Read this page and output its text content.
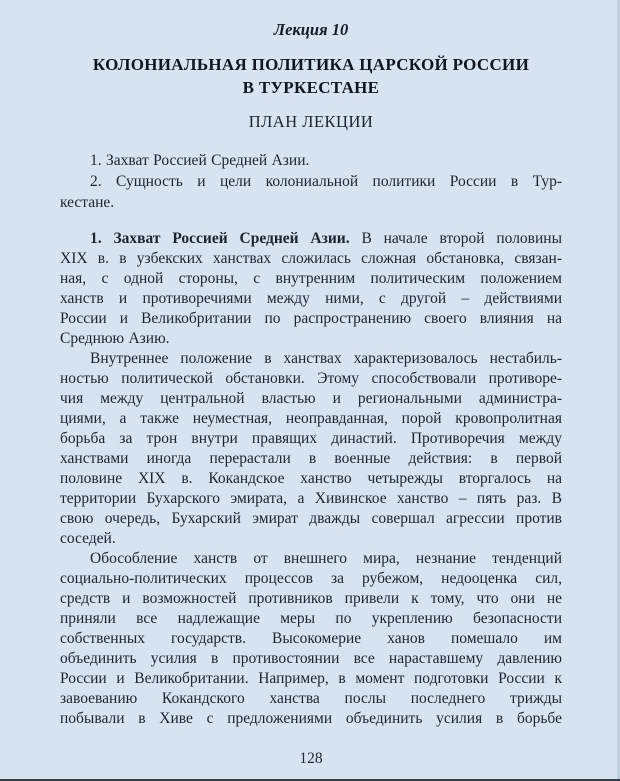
Лекция 10
КОЛОНИАЛЬНАЯ ПОЛИТИКА ЦАРСКОЙ РОССИИ
В ТУРКЕСТАНЕ
ПЛАН ЛЕКЦИИ
1. Захват Россией Средней Азии.
2. Сущность и цели колониальной политики России в Тур-
кестане.
1. Захват Россией Средней Азии. В начале второй половины
XIX в. в узбекских ханствах сложилась сложная обстановка, связан-
ная, с одной стороны, с внутренним политическим положением
ханств и противоречиями между ними, с другой – действиями
России и Великобритании по распространению своего влияния на
Среднюю Азию.
Внутреннее положение в ханствах характеризовалось нестабиль-
ностью политической обстановки. Этому способствовали противоре-
чия между центральной властью и региональными администра-
циями, а также неуместная, неоправданная, порой кровопролитная
борьба за трон внутри правящих династий. Противоречия между
ханствами иногда перерастали в военные действия: в первой
половине XIX в. Кокандское ханство четырежды вторгалось на
территории Бухарского эмирата, а Хивинское ханство – пять раз. В
свою очередь, Бухарский эмират дважды совершал агрессии против
соседей.
Обособление ханств от внешнего мира, незнание тенденций
социально-политических процессов за рубежом, недооценка сил,
средств и возможностей противников привели к тому, что они не
приняли все надлежащие меры по укреплению безопасности
собственных государств. Высокомерие ханов помешало им
объединить усилия в противостоянии все нараставшему давлению
России и Великобритании. Например, в момент подготовки России к
завоеванию Кокандского ханства послы последнего трижды
побывали в Хиве с предложениями объединить усилия в борьбе
128
